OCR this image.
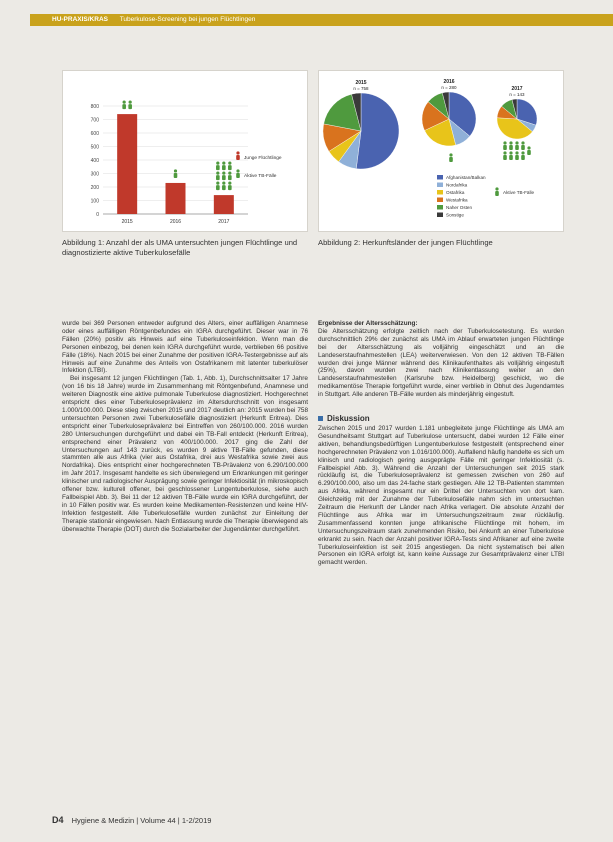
HU-PRAXIS/KRAS Tuberkulose-Screening bei jungen Flüchtlingen
800
700
600
500
400
300
200
100
0
2015	2016	2017
Junge Flüchtlinge
Aktive TB-Fälle
Abbildung 1: Anzahl der als UMA untersuchten jungen Flüchtlinge und diagnostizierte aktive Tuberkulosefälle
2015
n = 758
2016
n = 280	2017
n = 143
Afghanistan/Balkan
Nordafrika
Ostafrika
Westafrika
Naher Osten
Sonstige
Aktive TB-Fälle
Abbildung 2: Herkunftsländer der jungen Flüchtlinge

wurde bei 369 Personen entweder aufgrund des Alters, einer auffälligen Anamnese oder eines auffälligen Röntgenbefundes ein IGRA durchgeführt. Dieser war in 76 Fällen (20%) positiv als Hinweis auf eine Tuberkuloseinfektion. Wenn man die Personen einbezog, bei denen kein IGRA durchgeführt wurde, verblieben 66 positive Fälle (18%). Nach 2015 bei einer Zunahme der positiven IGRA-Testergebnisse auf als Hinweis auf eine Zunahme des Anteils von Ostafrikanern mit latenter tuberkulöser Infektion (LTBI).

Bei insgesamt 12 jungen Flüchtlingen (Tab. 1, Abb. 1), Durchschnittsalter 17 Jahre (von 16 bis 18 Jahre) wurde im Zusammenhang mit Röntgenbefund, Anamnese und weiteren Diagnostik eine aktive pulmonale Tuberkulose diagnostiziert. Hochgerechnet entspricht dies einer Tuberkuloseprävalenz im Altersdurchschnitt von insgesamt 1.000/100.000. Diese stieg zwischen 2015 und 2017 deutlich an: 2015 wurden bei 758 untersuchten Personen zwei Tuberkulosefälle diagnostiziert (Herkunft Eritrea). Dies entspricht einer Tuberkuloseprävalenz bei Eintreffen von 260/100.000. 2016 wurden 280 Untersuchungen durchgeführt und dabei ein TB-Fall entdeckt (Herkunft Eritrea), entsprechend einer Prävalenz von 400/100.000. 2017 ging die Zahl der Untersuchungen auf 143 zurück, es wurden 9 aktive TB-Fälle gefunden, diese stammten alle aus Afrika (vier aus Ostafrika, drei aus Westafrika sowie zwei aus Nordafrika). Dies entspricht einer hochgerechneten TB-Prävalenz von 6.290/100.000 im Jahr 2017. Insgesamt handelte es sich überwiegend um Erkrankungen mit geringer klinischer und radiologischer Ausprägung sowie geringer Infektiosität (in mikroskopisch offener bzw. kulturell offener, bei geschlossener Lungentuberkulose, siehe auch Fallbeispiel Abb. 3). Bei 11 der 12 aktiven TB-Fälle wurde ein IGRA durchgeführt, der in 10 Fällen positiv war. Es wurden keine Medikamenten-Resistenzen und keine HIV-Infektion festgestellt. Alle Tuberkulosefälle wurden zunächst zur Einleitung der Therapie stationär eingewiesen. Nach Entlassung wurde die Therapie überwiegend als überwachte Therapie (DOT) durch die Sozialarbeiter der Jugendämter durchgeführt.

Ergebnisse der Altersschätzung:

Die Altersschätzung erfolgte zeitlich nach der Tuberkulosetestung. Es wurden durchschnittlich 29% der zunächst als UMA im Ablauf erwarteten jungen Flüchtlinge bei der Altersschätzung als volljährig eingeschätzt und an die Landeserstaufnahmestellen (LEA) weiterverwiesen. Von den 12 aktiven TB-Fällen wurden drei junge Männer während des Klinikaufenthaltes als volljährig eingestuft (25%), davon wurden zwei nach Klinikentlassung weiter an den Landeserstaufnahmestellen (Karlsruhe bzw. Heidelberg) geschickt, wo die medikamentöse Therapie fortgeführt wurde, einer verblieb in Obhut des Jugendamtes in Stuttgart. Alle anderen TB-Fälle wurden als minderjährig eingestuft.

Diskussion

Zwischen 2015 und 2017 wurden 1.181 unbegleitete junge Flüchtlinge als UMA am Gesundheitsamt Stuttgart auf Tuberkulose untersucht, dabei wurden 12 Fälle einer aktiven, behandlungsbedürftigen Lungentuberkulose festgestellt (entsprechend einer hochgerechneten Prävalenz von 1.016/100.000). Auffallend häufig handelte es sich um klinisch und radiologisch gering ausgeprägte Fälle mit geringer Infektiosität (s. Fallbeispiel Abb. 3). Während die Anzahl der Untersuchungen seit 2015 stark rückläufig ist, die Tuberkuloseprävalenz ist gemessen zwischen von 260 auf 6.290/100.000, also um das 24-fache stark gestiegen. Alle 12 TB-Patienten stammten aus Afrika, während insgesamt nur ein Drittel der Untersuchten von dort kam. Gleichzeitig mit der Zunahme der Tuberkulosefälle nahm sich im untersuchten Zeitraum die Herkunft der Länder nach Afrika verlagert. Die absolute Anzahl der Flüchtlinge aus Afrika war im Untersuchungszeitraum zwar rückläufig. Zusammenfassend konnten junge afrikanische Flüchtlinge mit hohem, im Untersuchungszeitraum stark zunehmenden Risiko, bei Ankunft an einer Tuberkulose erkrankt zu sein. Nach der Anzahl positiver IGRA-Tests sind Afrikaner auf eine zweite Tuberkuloseinfektion ist seit 2015 angestiegen. Da nicht systematisch bei allen Personen ein IGRA erfolgt ist, kann keine Aussage zur Gesamtprävalenz einer LTBI gemacht werden.

D4 Hygiene & Medizin | Volume 44 | 1-2/2019
